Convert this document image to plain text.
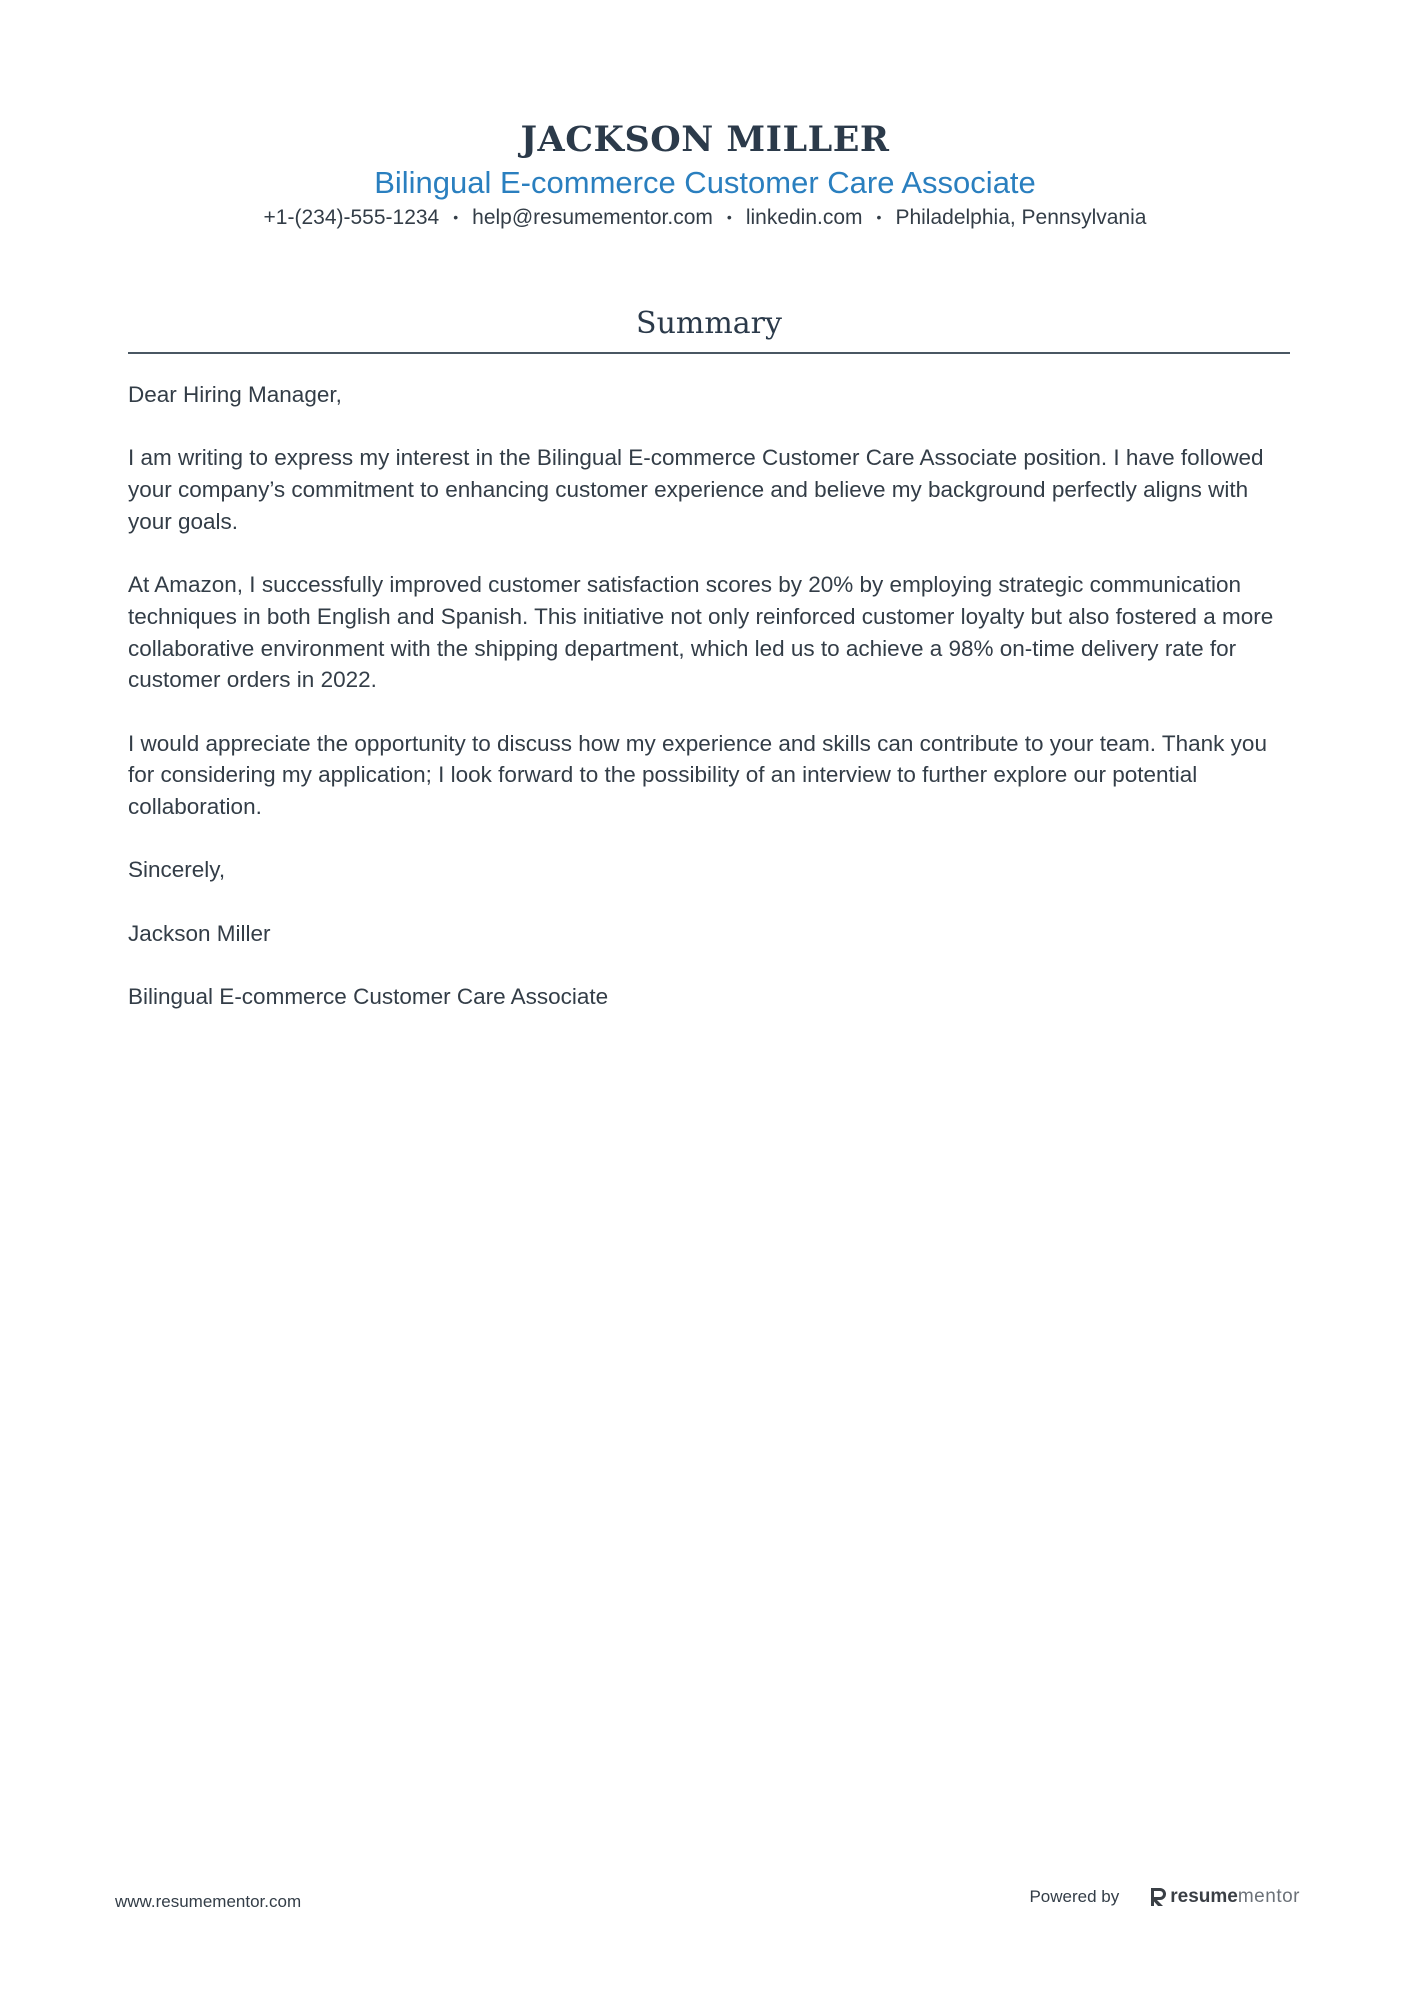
JACKSON MILLER
Bilingual E-commerce Customer Care Associate
+1-(234)-555-1234 • help@resumementor.com • linkedin.com • Philadelphia, Pennsylvania
Summary

Dear Hiring Manager,

I am writing to express my interest in the Bilingual E-commerce Customer Care Associate position. I have followed your company’s commitment to enhancing customer experience and believe my background perfectly aligns with your goals.

At Amazon, I successfully improved customer satisfaction scores by 20% by employing strategic communication techniques in both English and Spanish. This initiative not only reinforced customer loyalty but also fostered a more collaborative environment with the shipping department, which led us to achieve a 98% on-time delivery rate for customer orders in 2022.

I would appreciate the opportunity to discuss how my experience and skills can contribute to your team. Thank you for considering my application; I look forward to the possibility of an interview to further explore our potential collaboration.

Sincerely,

Jackson Miller

Bilingual E-commerce Customer Care Associate

www.resumementor.com	Powered by	resume mentor
